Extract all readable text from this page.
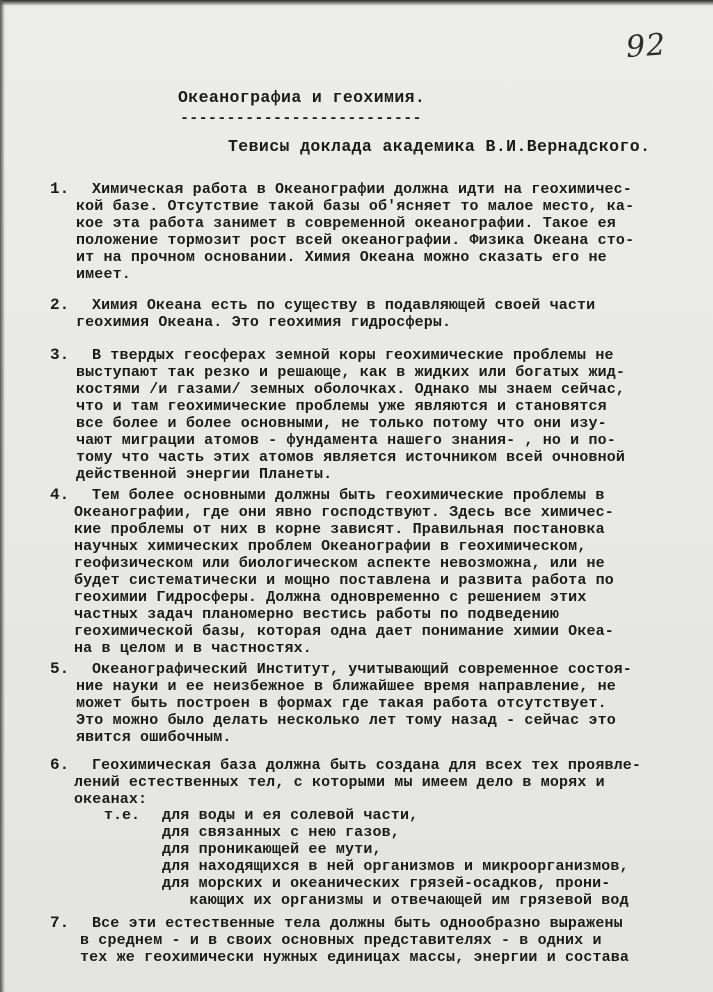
92
Океанографиа и геохимия.
--------------------------
Тевисы доклада академика В.И.Вернадского.
1. Химическая работа в Океанографии должна идти на геохимичес-
кой базе. Отсутствие такой базы об'ясняет то малое место, ка-
кое эта работа занимет в современной океанографии. Такое ея
положение тормозит рост всей океанографии. Физика Океана сто-
ит на прочном основании. Химия Океана можно сказать его не
имеет.
2. Химия Океана есть по существу в подавляющей своей части
геохимия Океана. Это геохимия гидросферы.
3. В твердых геосферах земной коры геохимические проблемы не
выступают так резко и решающе, как в жидких или богатых жид-
костями /и газами/ земных оболочках. Однако мы знаем сейчас,
что и там геохимические проблемы уже являются и становятся
все более и более основными, не только потому что они изу-
чают миграции атомов - фундамента нашего знания- , но и по-
тому что часть этих атомов является источником всей очновной
действенной энергии Планеты.
4. Тем более основными должны быть геохимические проблемы в
Океанографии, где они явно господствуют. Здесь все химичес-
кие проблемы от них в корне зависят. Правильная постановка
научных химических проблем Океанографии в геохимическом,
геофизическом или биологическом аспекте невозможна, или не
будет систематически и мощно поставлена и развита работа по
геохимии Гидросферы. Должна одновременно с решением этих
частных задач планомерно вестись работы по подведению
геохимической базы, которая одна дает понимание химии Океа-
на в целом и в частностях.
5. Океанографический Институт, учитывающий современное состоя-
ние науки и ее неизбежное в ближайшее время направление, не
может быть построен в формах где такая работа отсутствует.
Это можно было делать несколько лет тому назад - сейчас это
явится ошибочным.
6. Геохимическая база должна быть создана для всех тех проявле-
лений естественных тел, с которыми мы имеем дело в морях и
океанах:
т.е. для воды и ея солевой части,
для связанных с нею газов,
для проникающей ее мути,
для находящихся в ней организмов и микроорганизмов,
для морских и океанических грязей-осадков, прони-
кающих их организмы и отвечающей им грязевой вод
7. Все эти естественные тела должны быть однообразно выражены
в среднем - и в своих основных представителях - в одних и
тех же геохимически нужных единицах массы, энергии и состава
